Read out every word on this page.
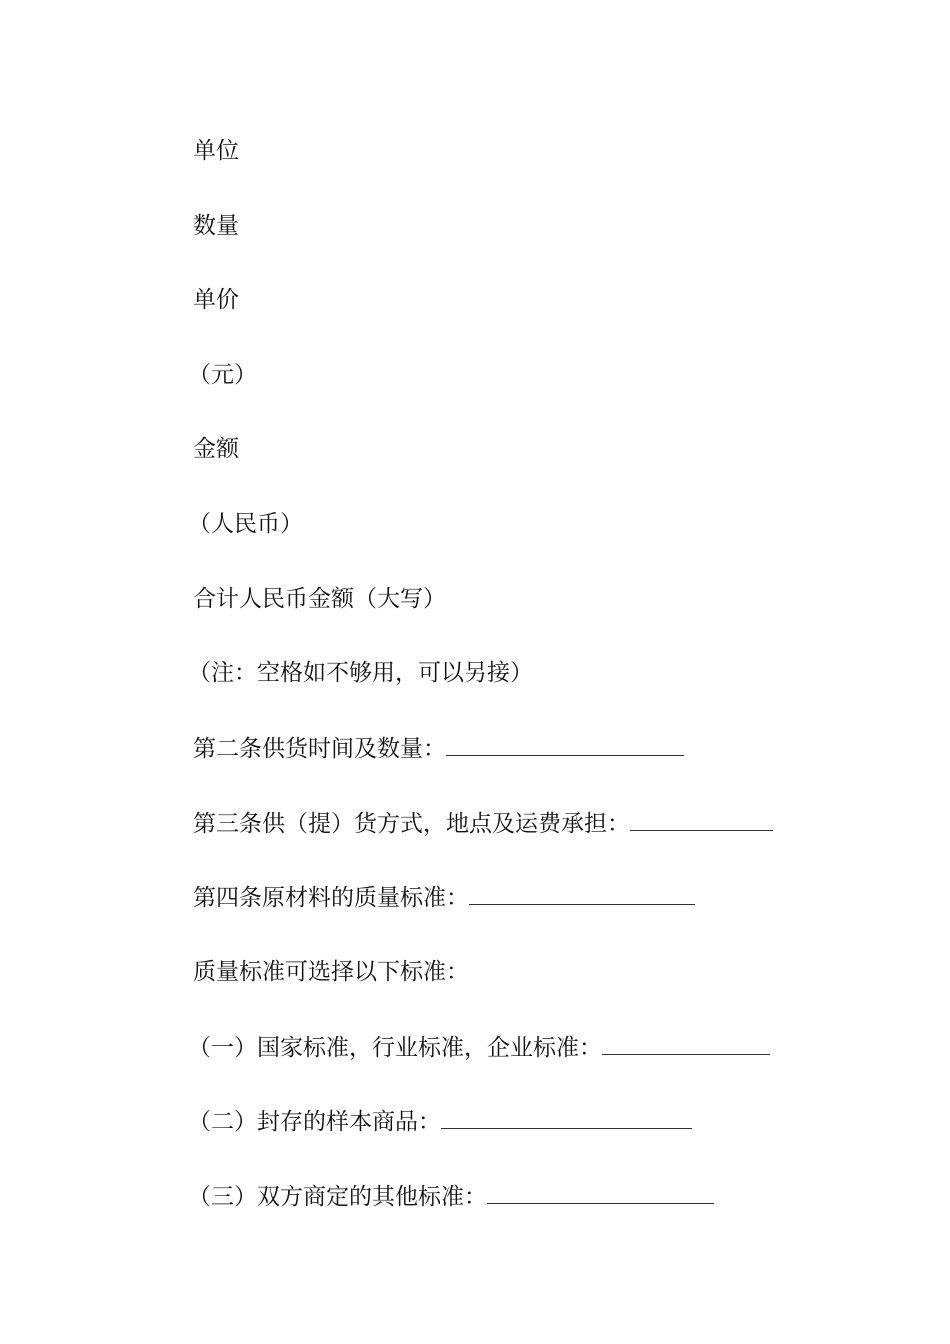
单位
数量
单价
（元）
金额
（人民币）
合计人民币金额（大写）
（注：空格如不够用，可以另接）
第二条供货时间及数量：
第三条供（提）货方式，地点及运费承担：
第四条原材料的质量标准：
质量标准可选择以下标准：
（一）国家标准，行业标准，企业标准：
（二）封存的样本商品：
（三）双方商定的其他标准：
